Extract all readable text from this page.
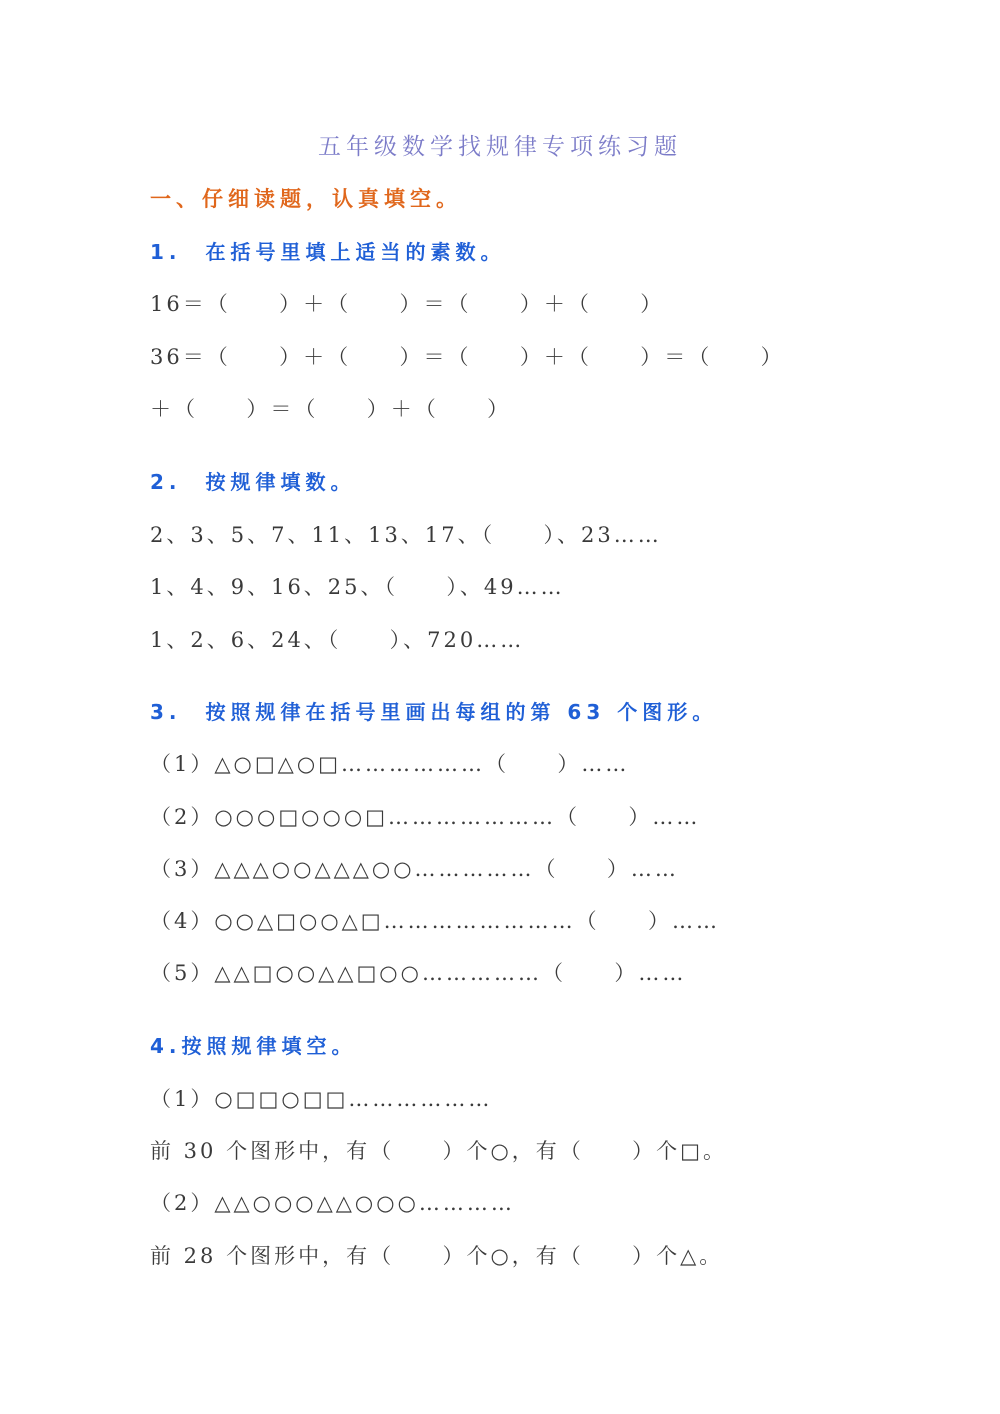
五年级数学找规律专项练习题
一、仔细读题，认真填空。
1.  在括号里填上适当的素数。
16＝（     ）＋（     ）＝（     ）＋（     ）
36＝（     ）＋（     ）＝（     ）＋（     ）＝（     ）
＋（     ）＝（     ）＋（     ）
2.  按规律填数。
2、3、5、7、11、13、17、（     ）、23……
1、4、9、16、25、（     ）、49……
1、2、6、24、（     ）、720……
3.  按照规律在括号里画出每组的第 63 个图形。
（1）△○□△○□………………（     ）……
（2）○○○□○○○□…………………（     ）……
（3）△△△○○△△△○○……………（     ）……
（4）○○△□○○△□……………………（     ）……
（5）△△□○○△△□○○……………（     ）……
4.按照规律填空。
（1）○□□○□□………………
前 30 个图形中，有（     ）个○，有（     ）个□。
（2）△△○○○△△○○○…………
前 28 个图形中，有（     ）个○，有（     ）个△。
